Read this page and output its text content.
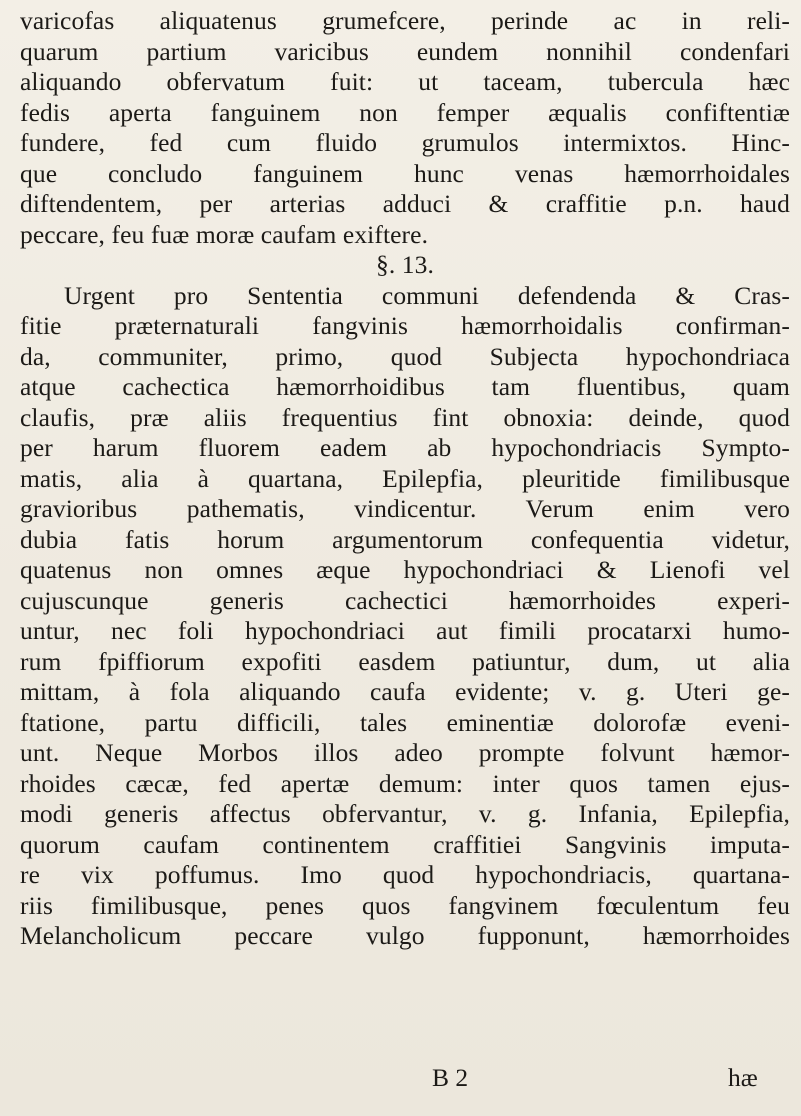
varicofas aliquatenus grumefcere, perinde ac in reli-
quarum partium varicibus eundem nonnihil condenfari
aliquando obfervatum fuit: ut taceam, tubercula hæc
fedis aperta fanguinem non femper æqualis confiftentiæ
fundere, fed cum fluido grumulos intermixtos. Hinc-
que concludo fanguinem hunc venas hæmorrhoidales
diftendentem, per arterias adduci & craffitie p.n. haud
peccare, feu fuæ moræ caufam exiftere.
§. 13.
Urgent pro Sententia communi defendenda & Cras-
fitie præternaturali fangvinis hæmorrhoidalis confirman-
da, communiter, primo, quod Subjecta hypochondriaca
atque cachectica hæmorrhoidibus tam fluentibus, quam
claufis, præ aliis frequentius fint obnoxia: deinde, quod
per harum fluorem eadem ab hypochondriacis Sympto-
matis, alia à quartana, Epilepfia, pleuritide fimilibusque
gravioribus pathematis, vindicentur. Verum enim vero
dubia fatis horum argumentorum confequentia videtur,
quatenus non omnes æque hypochondriaci & Lienofi vel
cujuscunque generis cachectici hæmorrhoides experi-
untur, nec foli hypochondriaci aut fimili procatarxi humo-
rum fpiffiorum expofiti easdem patiuntur, dum, ut alia
mittam, à fola aliquando caufa evidente; v. g. Uteri ge-
ftatione, partu difficili, tales eminentiæ dolorofæ eveni-
unt. Neque Morbos illos adeo prompte folvunt hæmor-
rhoides cæcæ, fed apertæ demum: inter quos tamen ejus-
modi generis affectus obfervantur, v. g. Infania, Epilepfia,
quorum caufam continentem craffitiei Sangvinis imputa-
re vix poffumus. Imo quod hypochondriacis, quartana-
riis fimilibusque, penes quos fangvinem fœculentum feu
Melancholicum peccare vulgo fupponunt, hæmorrhoides
B 2	hæ
